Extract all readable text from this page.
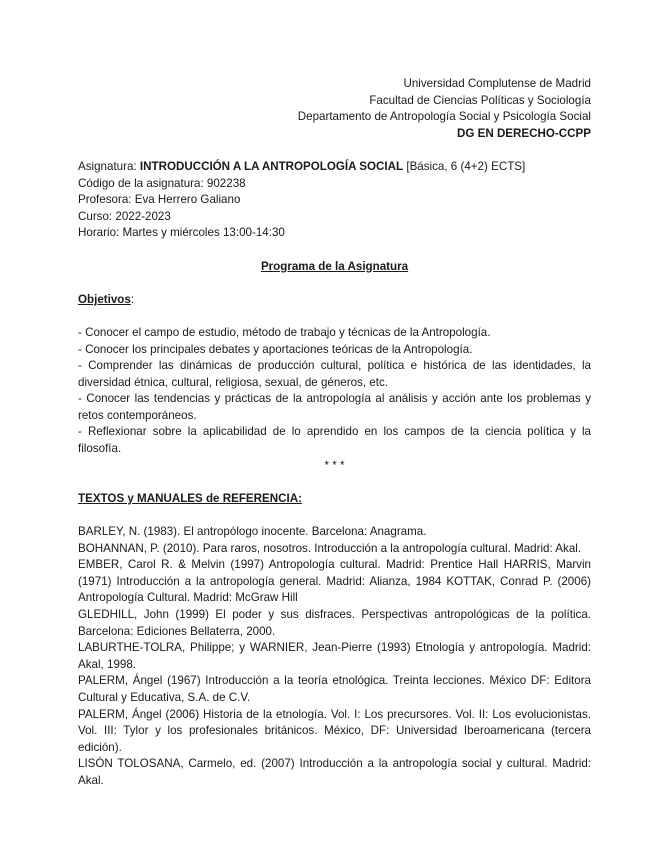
Universidad Complutense de Madrid
Facultad de Ciencias Políticas y Sociología
Departamento de Antropología Social y Psicología Social
DG EN DERECHO-CCPP
Asignatura: INTRODUCCIÓN A LA ANTROPOLOGÍA SOCIAL [Básica, 6 (4+2) ECTS]
Código de la asignatura: 902238
Profesora: Eva Herrero Galiano
Curso: 2022-2023
Horario: Martes y miércoles 13:00-14:30
Programa de la Asignatura
Objetivos:
- Conocer el campo de estudio, método de trabajo y técnicas de la Antropología.
- Conocer los principales debates y aportaciones teóricas de la Antropología.
- Comprender las dinámicas de producción cultural, política e histórica de las identidades, la diversidad étnica, cultural, religiosa, sexual, de géneros, etc.
- Conocer las tendencias y prácticas de la antropología al análisis y acción ante los problemas y retos contemporáneos.
- Reflexionar sobre la aplicabilidad de lo aprendido en los campos de la ciencia política y la filosofía.
* * *
TEXTOS y MANUALES de REFERENCIA:
BARLEY, N. (1983). El antropólogo inocente. Barcelona: Anagrama.
BOHANNAN, P. (2010). Para raros, nosotros. Introducción a la antropología cultural. Madrid: Akal.
EMBER, Carol R. & Melvin (1997) Antropología cultural. Madrid: Prentice Hall HARRIS, Marvin (1971) Introducción a la antropología general. Madrid: Alianza, 1984 KOTTAK, Conrad P. (2006) Antropología Cultural. Madrid: McGraw Hill
GLEDHILL, John (1999) El poder y sus disfraces. Perspectivas antropológicas de la política. Barcelona: Ediciones Bellaterra, 2000.
LABURTHE-TOLRA, Philippe; y WARNIER, Jean-Pierre (1993) Etnología y antropología. Madrid: Akal, 1998.
PALERM, Ángel (1967) Introducción a la teoría etnológica. Treinta lecciones. México DF: Editora Cultural y Educativa, S.A. de C.V.
PALERM, Ángel (2006) Historia de la etnología. Vol. I: Los precursores. Vol. II: Los evolucionistas. Vol. III: Tylor y los profesionales británicos. México, DF: Universidad Iberoamericana (tercera edición).
LISÓN TOLOSANA, Carmelo, ed. (2007) Introducción a la antropología social y cultural. Madrid: Akal.
